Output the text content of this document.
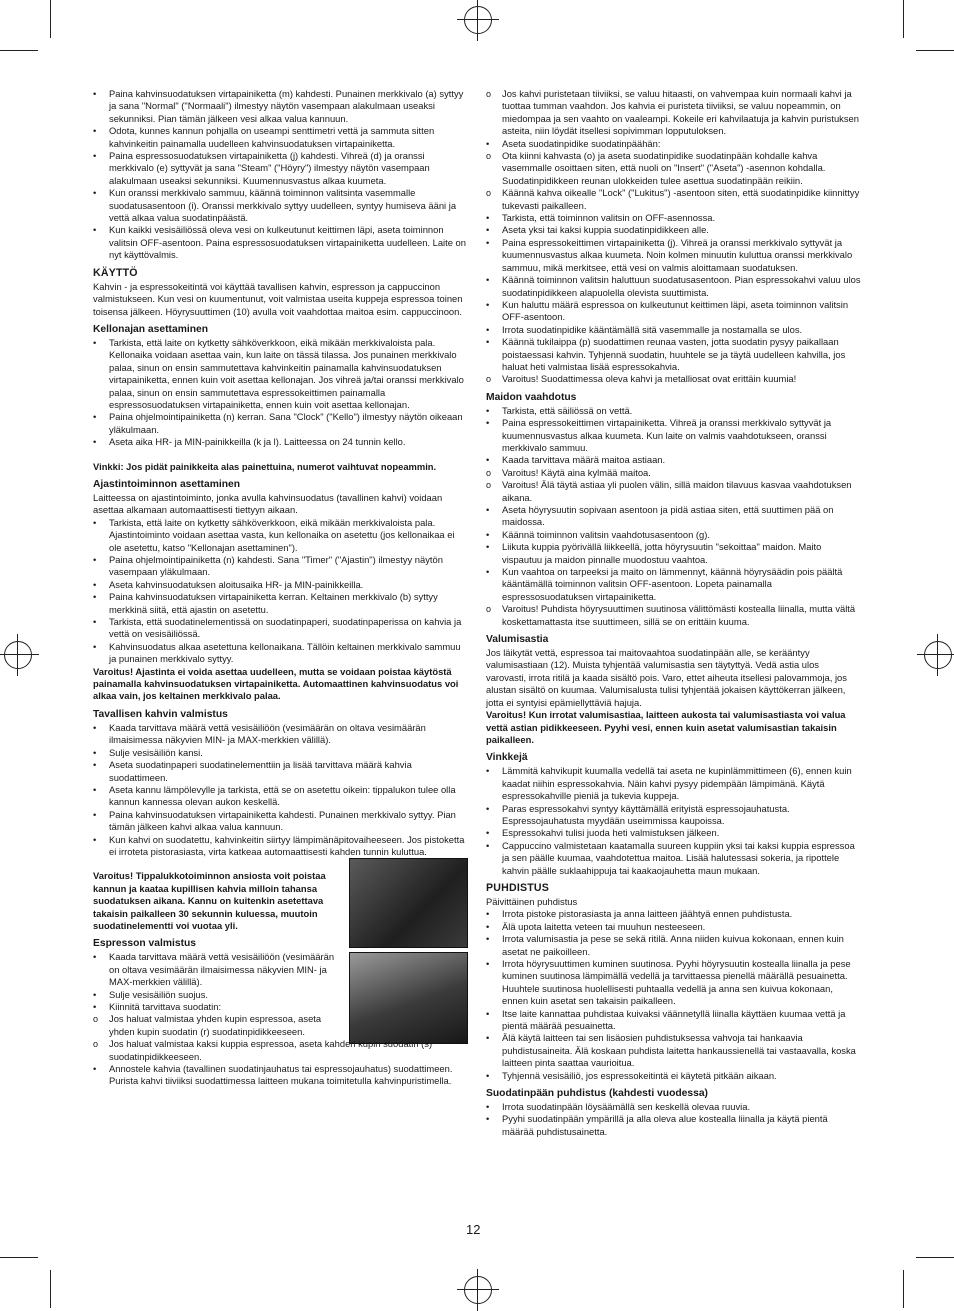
•	Paina kahvinsuodatuksen virtapainiketta (m) kahdesti. Punainen merkkivalo (a) syttyy ja sana "Normal" ("Normaali") ilmestyy näytön vasempaan alakulmaan useaksi sekunniksi. Pian tämän jälkeen vesi alkaa valua kannuun.
•	Odota, kunnes kannun pohjalla on useampi senttimetri vettä ja sammuta sitten kahvinkeitin painamalla uudelleen kahvinsuodatuksen virtapainiketta.
•	Paina espressosuodatuksen virtapainiketta (j) kahdesti. Vihreä (d) ja oranssi merkkivalo (e) syttyvät ja sana "Steam" ("Höyry") ilmestyy näytön vasempaan alakulmaan useaksi sekunniksi. Kuumennusvastus alkaa kuumeta.
•	Kun oranssi merkkivalo sammuu, käännä toiminnon valitsinta vasemmalle suodatusasentoon (i). Oranssi merkkivalo syttyy uudelleen, syntyy humiseva ääni ja vettä alkaa valua suodatinpäästä.
•	Kun kaikki vesisäiliössä oleva vesi on kulkeutunut keittimen läpi, aseta toiminnon valitsin OFF-asentoon. Paina espressosuodatuksen virtapainiketta uudelleen. Laite on nyt käyttövalmis.
KÄYTTÖ

Kahvin - ja espressokeitintä voi käyttää tavallisen kahvin, espresson ja cappuccinon valmistukseen. Kun vesi on kuumentunut, voit valmistaa useita kuppeja espressoa toinen toisensa jälkeen. Höyrysuuttimen (10) avulla voit vaahdottaa maitoa esim. cappuccinoon.

Kellonajan asettaminen
•	Tarkista, että laite on kytketty sähköverkkoon, eikä mikään merkkivaloista pala. Kellonaika voidaan asettaa vain, kun laite on tässä tilassa. Jos punainen merkkivalo palaa, sinun on ensin sammutettava kahvinkeitin painamalla kahvinsuodatuksen virtapainiketta, ennen kuin voit asettaa kellonajan. Jos vihreä ja/tai oranssi merkkivalo palaa, sinun on ensin sammutettava espressokeittimen painamalla espressosuodatuksen virtapainiketta, ennen kuin voit asettaa kellonajan.
•	Paina ohjelmointipainiketta (n) kerran. Sana "Clock" ("Kello") ilmestyy näytön oikeaan yläkulmaan.
•	Aseta aika HR- ja MIN-painikkeilla (k ja l). Laitteessa on 24 tunnin kello.

Vinkki: Jos pidät painikkeita alas painettuina, numerot vaihtuvat nopeammin.

Ajastintoiminnon asettaminen

Laitteessa on ajastintoiminto, jonka avulla kahvinsuodatus (tavallinen kahvi) voidaan asettaa alkamaan automaattisesti tiettyyn aikaan.

•	Tarkista, että laite on kytketty sähköverkkoon, eikä mikään merkkivaloista pala. Ajastintoiminto voidaan asettaa vasta, kun kellonaika on asetettu (jos kellonaikaa ei ole asetettu, katso "Kellonajan asettaminen").
•	Paina ohjelmointipainiketta (n) kahdesti. Sana "Timer" ("Ajastin") ilmestyy näytön vasempaan yläkulmaan.
•	Aseta kahvinsuodatuksen aloitusaika HR- ja MIN-painikkeilla.
•	Paina kahvinsuodatuksen virtapainiketta kerran. Keltainen merkkivalo (b) syttyy merkkinä siitä, että ajastin on asetettu.
•	Tarkista, että suodatinelementissä on suodatinpaperi, suodatinpaperissa on kahvia ja vettä on vesisäiliössä.
•	Kahvinsuodatus alkaa asetettuna kellonaikana. Tällöin keltainen merkkivalo sammuu ja punainen merkkivalo syttyy.

Varoitus! Ajastinta ei voida asettaa uudelleen, mutta se voidaan poistaa käytöstä painamalla kahvinsuodatuksen virtapainiketta. Automaattinen kahvinsuodatus voi alkaa vain, jos keltainen merkkivalo palaa.

Tavallisen kahvin valmistus
•	Kaada tarvittava määrä vettä vesisäiliöön (vesimäärän on oltava vesimäärän ilmaisimessa näkyvien MIN- ja MAX-merkkien välillä).
•	Sulje vesisäiliön kansi.
•	Aseta suodatinpaperi suodatinelementtiin ja lisää tarvittava määrä kahvia suodattimeen.
•	Aseta kannu lämpölevylle ja tarkista, että se on asetettu oikein: tippalukon tulee olla kannun kannessa olevan aukon keskellä.
•	Paina kahvinsuodatuksen virtapainiketta kahdesti. Punainen merkkivalo syttyy. Pian tämän jälkeen kahvi alkaa valua kannuun.
•	Kun kahvi on suodatettu, kahvinkeitin siirtyy lämpimänäpitovaiheeseen. Jos pistoketta ei irroteta pistorasiasta, virta katkeaa automaattisesti kahden tunnin kuluttua.

Varoitus! Tippalukkotoiminnon ansiosta voit poistaa kannun ja kaataa kupillisen kahvia milloin tahansa suodatuksen aikana. Kannu on kuitenkin asetettava takaisin paikalleen 30 sekunnin kuluessa, muutoin suodatinelementti voi vuotaa yli.

Espresson valmistus
•	Kaada tarvittava määrä vettä vesisäiliöön (vesimäärän on oltava vesimäärän ilmaisimessa näkyvien MIN- ja MAX-merkkien välillä).
•	Sulje vesisäiliön suojus.
•	Kiinnitä tarvittava suodatin:
o	Jos haluat valmistaa yhden kupin espressoa, aseta yhden kupin suodatin (r) suodatinpidikkeeseen.
o	Jos haluat valmistaa kaksi kuppia espressoa, aseta kahden kupin suodatin (s) suodatinpidikkeeseen.
•	Annostele kahvia (tavallinen suodatinjauhatus tai espressojauhatus) suodattimeen. Purista kahvi tiiviiksi suodattimessa laitteen mukana toimitetulla kahvinpuristimella.
o	Jos kahvi puristetaan tiiviiksi, se valuu hitaasti, on vahvempaa kuin normaali kahvi ja tuottaa tumman vaahdon. Jos kahvia ei puristeta tiiviiksi, se valuu nopeammin, on miedompaa ja sen vaahto on vaaleampi. Kokeile eri kahvilaatuja ja kahvin puristuksen asteita, niin löydät itsellesi sopivimman lopputuloksen.
•	Aseta suodatinpidike suodatinpäähän:
o	Ota kiinni kahvasta (o) ja aseta suodatinpidike suodatinpään kohdalle kahva vasemmalle osoittaen siten, että nuoli on "Insert" ("Aseta") -asennon kohdalla. Suodatinpidikkeen reunan ulokkeiden tulee asettua suodatinpään reikiin.
o	Käännä kahva oikealle "Lock" ("Lukitus") -asentoon siten, että suodatinpidike kiinnittyy tukevasti paikalleen.
•	Tarkista, että toiminnon valitsin on OFF-asennossa.
•	Aseta yksi tai kaksi kuppia suodatinpidikkeen alle.
•	Paina espressokeittimen virtapainiketta (j). Vihreä ja oranssi merkkivalo syttyvät ja kuumennusvastus alkaa kuumeta. Noin kolmen minuutin kuluttua oranssi merkkivalo sammuu, mikä merkitsee, että vesi on valmis aloittamaan suodatuksen.
•	Käännä toiminnon valitsin haluttuun suodatusasentoon. Pian espressokahvi valuu ulos suodatinpidikkeen alapuolella olevista suuttimista.
•	Kun haluttu määrä espressoa on kulkeutunut keittimen läpi, aseta toiminnon valitsin OFF-asentoon.
•	Irrota suodatinpidike kääntämällä sitä vasemmalle ja nostamalla se ulos.
•	Käännä tukilaippa (p) suodattimen reunaa vasten, jotta suodatin pysyy paikallaan poistaessasi kahvin. Tyhjennä suodatin, huuhtele se ja täytä uudelleen kahvilla, jos haluat heti valmistaa lisää espressokahvia.
o	Varoitus! Suodattimessa oleva kahvi ja metalliosat ovat erittäin kuumia!
Maidon vaahdotus
•	Tarkista, että säiliössä on vettä.
•	Paina espressokeittimen virtapainiketta. Vihreä ja oranssi merkkivalo syttyvät ja kuumennusvastus alkaa kuumeta. Kun laite on valmis vaahdotukseen, oranssi merkkivalo sammuu.
•	Kaada tarvittava määrä maitoa astiaan.
o	Varoitus! Käytä aina kylmää maitoa.
o	Varoitus! Älä täytä astiaa yli puolen välin, sillä maidon tilavuus kasvaa vaahdotuksen aikana.
•	Aseta höyrysuutin sopivaan asentoon ja pidä astiaa siten, että suuttimen pää on maidossa.
•	Käännä toiminnon valitsin vaahdotusasentoon (g).
•	Liikuta kuppia pyörivällä liikkeellä, jotta höyrysuutin "sekoittaa" maidon. Maito vispautuu ja maidon pinnalle muodostuu vaahtoa.
•	Kun vaahtoa on tarpeeksi ja maito on lämmennyt, käännä höyrysäädin pois päältä kääntämällä toiminnon valitsin OFF-asentoon. Lopeta painamalla espressosuodatuksen virtapainiketta.
o	Varoitus! Puhdista höyrysuuttimen suutinosa välittömästi kostealla liinalla, mutta vältä koskettamattasta itse suuttimeen, sillä se on erittäin kuuma.
Valumisastia

Jos läikytät vettä, espressoa tai maitovaahtoa suodatinpään alle, se kerääntyy valumisastiaan (12). Muista tyhjentää valumisastia sen täytyttyä. Vedä astia ulos varovasti, irrota ritilä ja kaada sisältö pois. Varo, ettet aiheuta itsellesi palovammoja, jos alustan sisältö on kuumaa. Valumisalusta tulisi tyhjentää jokaisen käyttökerran jälkeen, jotta ei syntyisi epämiellyttäviä hajuja.

Varoitus! Kun irrotat valumisastiaa, laitteen aukosta tai valumisastiasta voi valua vettä astian pidikkeeseen. Pyyhi vesi, ennen kuin asetat valumisastian takaisin paikalleen.

Vinkkejä
•	Lämmitä kahvikupit kuumalla vedellä tai aseta ne kupinlämmittimeen (6), ennen kuin kaadat niihin espressokahvia. Näin kahvi pysyy pidempään lämpimänä. Käytä espressokahville pieniä ja tukevia kuppeja.
•	Paras espressokahvi syntyy käyttämällä erityistä espressojauhatusta. Espressojauhatusta myydään useimmissa kaupoissa.
•	Espressokahvi tulisi juoda heti valmistuksen jälkeen.
•	Cappuccino valmistetaan kaatamalla suureen kuppiin yksi tai kaksi kuppia espressoa ja sen päälle kuumaa, vaahdotettua maitoa. Lisää halutessasi sokeria, ja ripottele kahvin päälle suklaahippuja tai kaakaojauhetta maun mukaan.
PUHDISTUS

Päivittäinen puhdistus

•	Irrota pistoke pistorasiasta ja anna laitteen jäähtyä ennen puhdistusta.
•	Älä upota laitetta veteen tai muuhun nesteeseen.
•	Irrota valumisastia ja pese se sekä ritilä. Anna niiden kuivua kokonaan, ennen kuin asetat ne paikoilleen.
•	Irrota höyrysuuttimen kuminen suutinosa. Pyyhi höyrysuutin kostealla liinalla ja pese kuminen suutinosa lämpimällä vedellä ja tarvittaessa pienellä määrällä pesuainetta. Huuhtele suutinosa huolellisesti puhtaalla vedellä ja anna sen kuivua kokonaan, ennen kuin asetat sen takaisin paikalleen.
•	Itse laite kannattaa puhdistaa kuivaksi väännetyllä liinalla käyttäen kuumaa vettä ja pientä määrää pesuainetta.
•	Älä käytä laitteen tai sen lisäosien puhdistuksessa vahvoja tai hankaavia puhdistusaineita. Älä koskaan puhdista laitetta hankaussienellä tai vastaavalla, koska laitteen pinta saattaa vaurioitua.
•	Tyhjennä vesisäiliö, jos espressokeitintä ei käytetä pitkään aikaan.
Suodatinpään puhdistus (kahdesti vuodessa)
•	Irrota suodatinpään löysäämällä sen keskellä olevaa ruuvia.
•	Pyyhi suodatinpään ympärillä ja alla oleva alue kostealla liinalla ja käytä pientä määrää puhdistusainetta.
12
